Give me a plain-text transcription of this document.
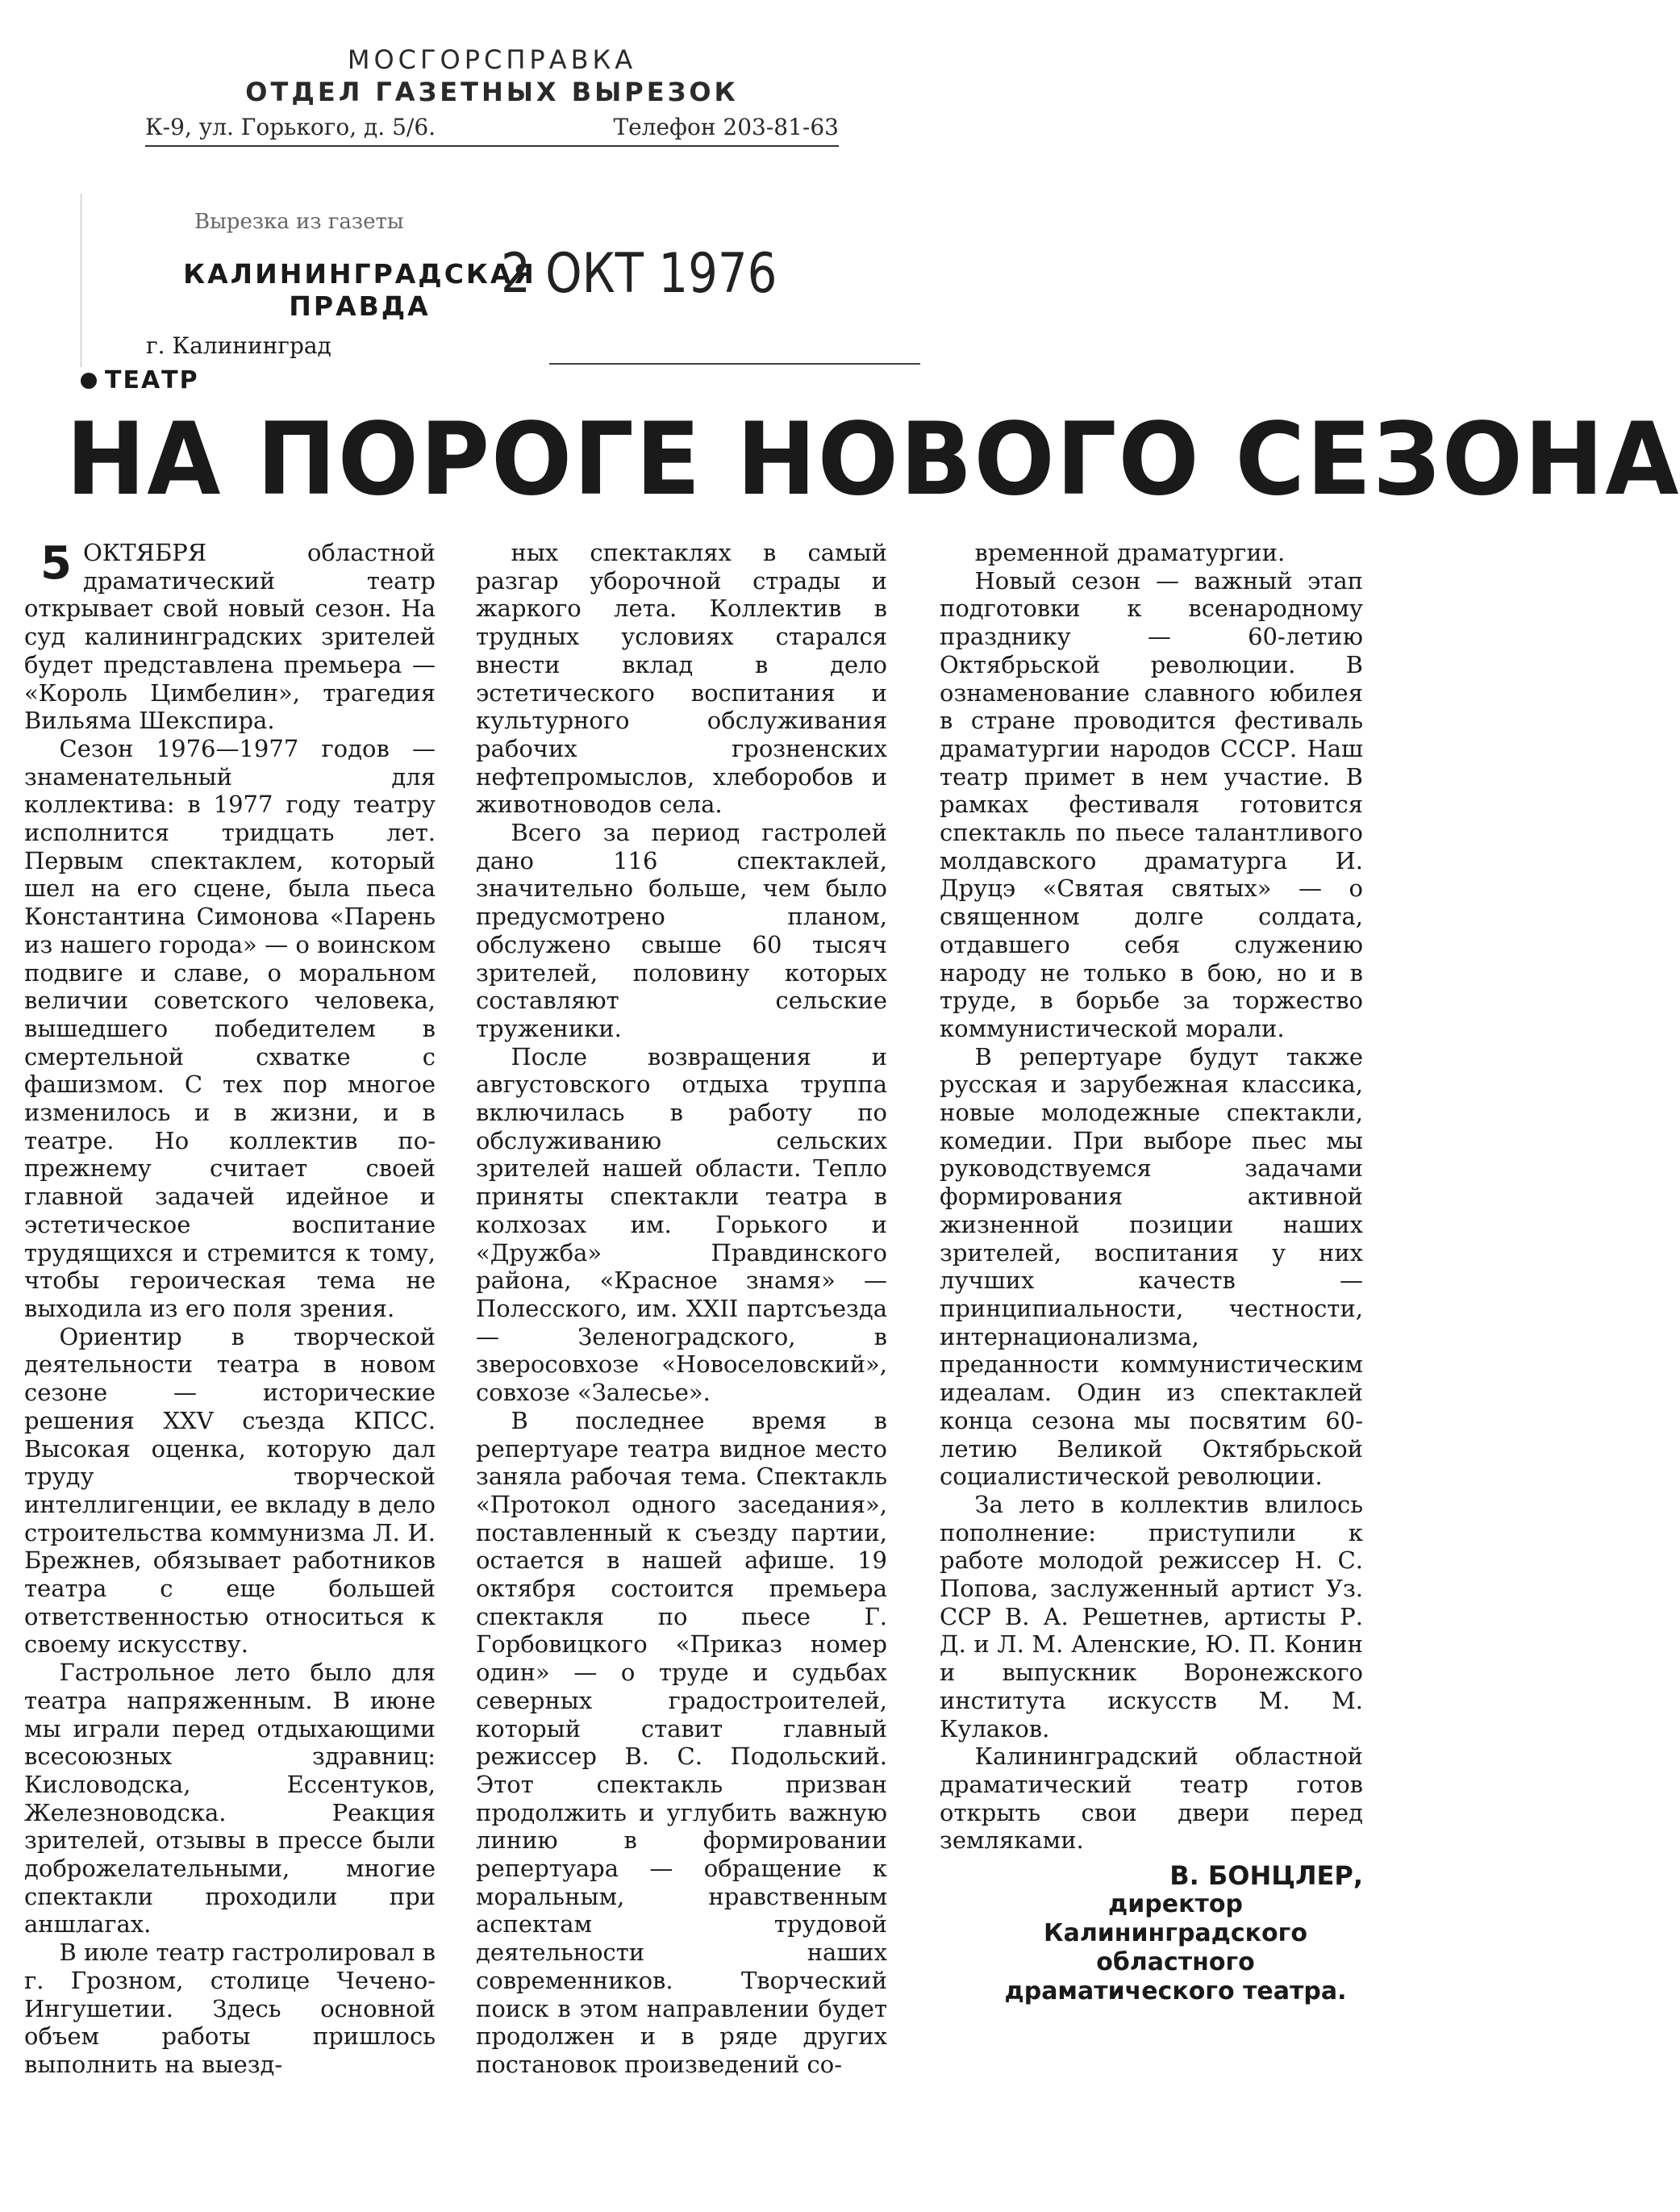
МОСГОРСПРАВКА
ОТДЕЛ ГАЗЕТНЫХ ВЫРЕЗОК
К-9, ул. Горького, д. 5/6.	Телефон 203-81-63
Вырезка из газеты
КАЛИНИНГРАДСКАЯ
ПРАВДА
2 ОКТ 1976
г. Калининград
ТЕАТР
НА ПОРОГЕ НОВОГО СЕЗОНА

5 ОКТЯБРЯ областной драматический театр открывает свой новый сезон. На суд калининградских зрителей будет представлена премьера — «Король Цимбелин», трагедия Вильяма Шекспира.

Сезон 1976—1977 годов — знаменательный для коллектива: в 1977 году театру исполнится тридцать лет. Первым спектаклем, который шел на его сцене, была пьеса Константина Симонова «Парень из нашего города» — о воинском подвиге и славе, о моральном величии советского человека, вышедшего победителем в смертельной схватке с фашизмом. С тех пор многое изменилось и в жизни, и в театре. Но коллектив по-прежнему считает своей главной задачей идейное и эстетическое воспитание трудящихся и стремится к тому, чтобы героическая тема не выходила из его поля зрения.

Ориентир в творческой деятельности театра в новом сезоне — исторические решения XXV съезда КПСС. Высокая оценка, которую дал труду творческой интеллигенции, ее вкладу в дело строительства коммунизма Л. И. Брежнев, обязывает работников театра с еще большей ответственностью относиться к своему искусству.

Гастрольное лето было для театра напряженным. В июне мы играли перед отдыхающими всесоюзных здравниц: Кисловодска, Ессентуков, Железноводска. Реакция зрителей, отзывы в прессе были доброжелательными, многие спектакли проходили при аншлагах.

В июле театр гастролировал в г. Грозном, столице Чечено-Ингушетии. Здесь основной объем работы пришлось выполнить на выезд-

ных спектаклях в самый разгар уборочной страды и жаркого лета. Коллектив в трудных условиях старался внести вклад в дело эстетического воспитания и культурного обслуживания рабочих грозненских нефтепромыслов, хлеборобов и животноводов села.

Всего за период гастролей дано 116 спектаклей, значительно больше, чем было предусмотрено планом, обслужено свыше 60 тысяч зрителей, половину которых составляют сельские труженики.

После возвращения и августовского отдыха труппа включилась в работу по обслуживанию сельских зрителей нашей области. Тепло приняты спектакли театра в колхозах им. Горького и «Дружба» Правдинского района, «Красное знамя» — Полесского, им. XXII партсъезда — Зеленоградского, в зверосовхозе «Новоселовский», совхозе «Залесье».

В последнее время в репертуаре театра видное место заняла рабочая тема. Спектакль «Протокол одного заседания», поставленный к съезду партии, остается в нашей афише. 19 октября состоится премьера спектакля по пьесе Г. Горбовицкого «Приказ номер один» — о труде и судьбах северных градостроителей, который ставит главный режиссер В. С. Подольский. Этот спектакль призван продолжить и углубить важную линию в формировании репертуара — обращение к моральным, нравственным аспектам трудовой деятельности наших современников. Творческий поиск в этом направлении будет продолжен и в ряде других постановок произведений со-

временной драматургии.

Новый сезон — важный этап подготовки к всенародному празднику — 60-летию Октябрьской революции. В ознаменование славного юбилея в стране проводится фестиваль драматургии народов СССР. Наш театр примет в нем участие. В рамках фестиваля готовится спектакль по пьесе талантливого молдавского драматурга И. Друцэ «Святая святых» — о священном долге солдата, отдавшего себя служению народу не только в бою, но и в труде, в борьбе за торжество коммунистической морали.

В репертуаре будут также русская и зарубежная классика, новые молодежные спектакли, комедии. При выборе пьес мы руководствуемся задачами формирования активной жизненной позиции наших зрителей, воспитания у них лучших качеств — принципиальности, честности, интернационализма, преданности коммунистическим идеалам. Один из спектаклей конца сезона мы посвятим 60-летию Великой Октябрьской социалистической революции.

За лето в коллектив влилось пополнение: приступили к работе молодой режиссер Н. С. Попова, заслуженный артист Уз. ССР В. А. Решетнев, артисты Р. Д. и Л. М. Аленские, Ю. П. Конин и выпускник Воронежского института искусств М. М. Кулаков.

Калининградский областной драматический театр готов открыть свои двери перед земляками.

В. БОНЦЛЕР,
директор Калининградского областного драматического театра.
